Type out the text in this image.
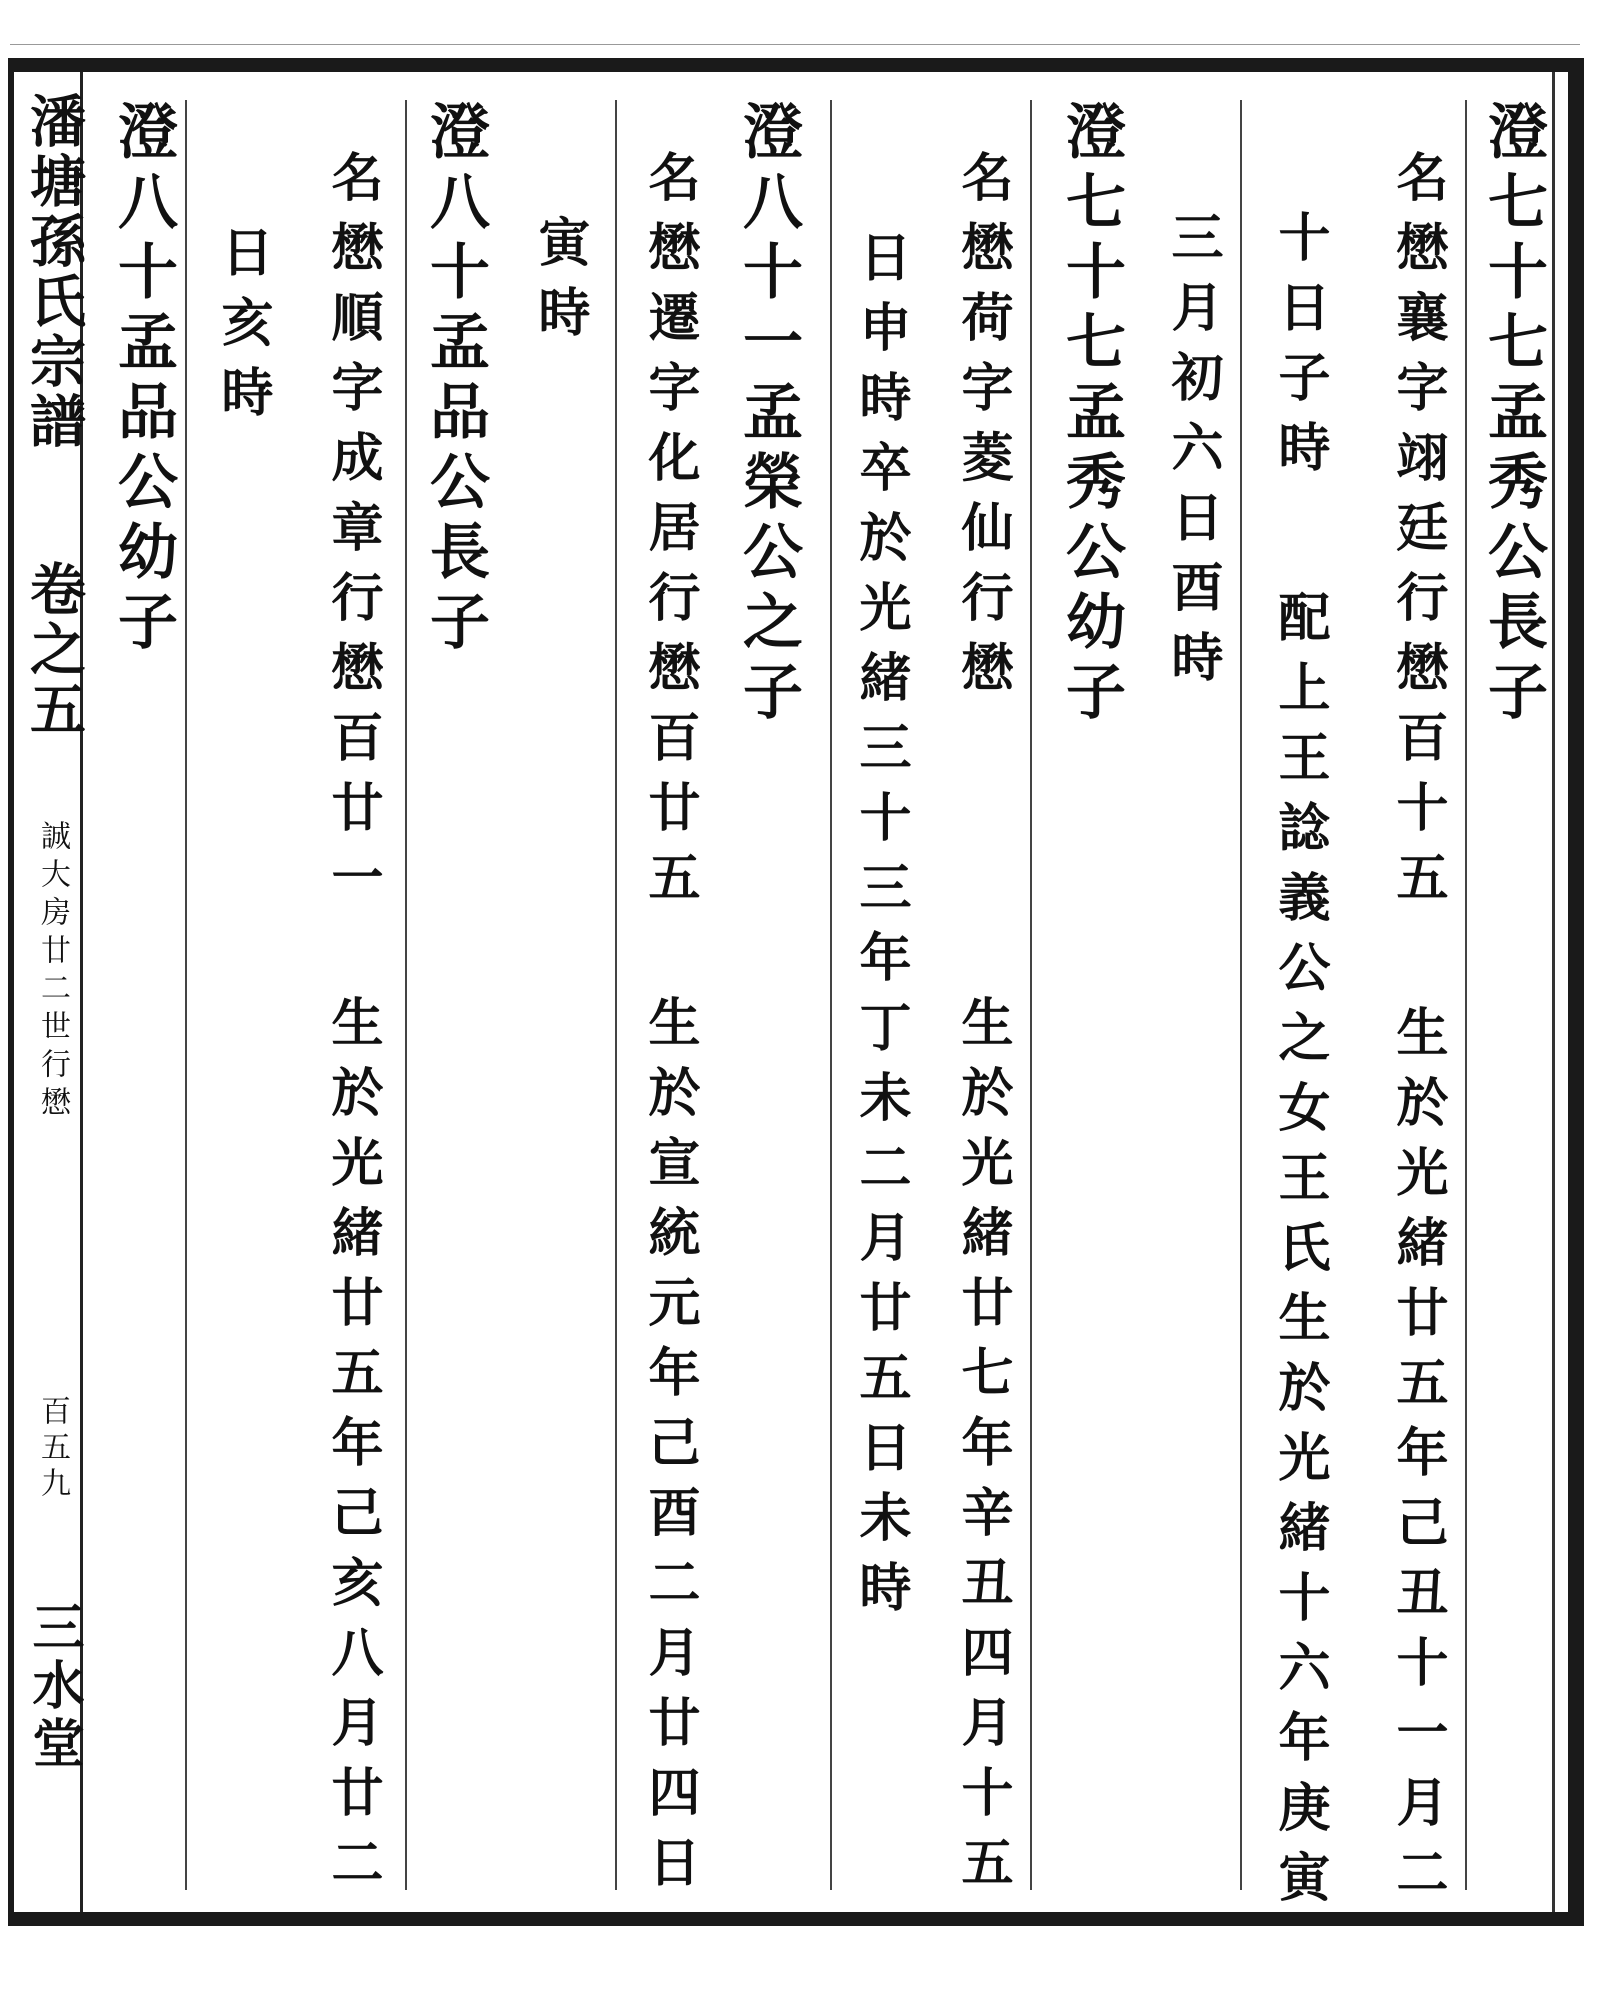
潘塘孫氏宗譜
卷之五
誠大房廿二世行懋
百五九
三水堂
澄七十七孟秀公長子
名懋襄字翊廷行懋百十五
生於光緒廿五年己丑十一月二
十日子時
配上王諗義公之女王氏生於光緒十六年庚寅
三月初六日酉時
澄七十七孟秀公幼子
名懋荷字菱仙行懋
生於光緒廿七年辛丑四月十五
日申時卒於光緒三十三年丁未二月廿五日未時
澄八十一孟榮公之子
名懋遷字化居行懋百廿五
生於宣統元年己酉二月廿四日
寅時
澄八十孟品公長子
名懋順字成章行懋百廿一
生於光緒廿五年己亥八月廿二
日亥時
澄八十孟品公幼子
